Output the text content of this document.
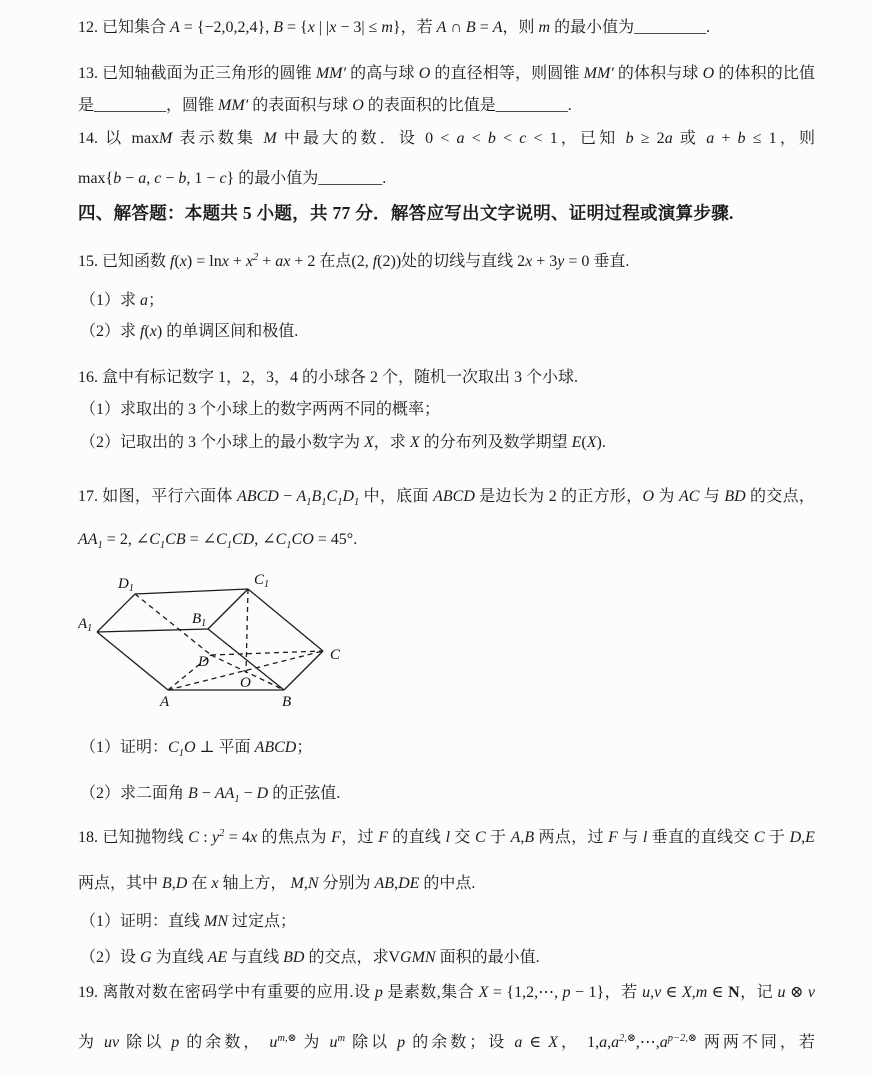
12. 已知集合 A = {−2,0,2,4}, B = {x | |x − 3| ≤ m}，若 A ∩ B = A，则 m 的最小值为_________.
13. 已知轴截面为正三角形的圆锥 MM′ 的高与球 O 的直径相等，则圆锥 MM′ 的体积与球 O 的体积的比值
是_________，圆锥 MM′ 的表面积与球 O 的表面积的比值是_________.
14. 以 maxM 表示数集 M 中最大的数．设 0 < a < b < c < 1，已知 b ≥ 2a 或 a + b ≤ 1，则
max{b − a, c − b, 1 − c} 的最小值为________.
四、解答题：本题共 5 小题，共 77 分．解答应写出文字说明、证明过程或演算步骤.
15. 已知函数 $f(x) = \ln x + x^2$ + ax + 2 在点(2, f(2))处的切线与直线 2x + 3y = 0 垂直.
（1）求 a；
（2）求 f(x) 的单调区间和极值.
16. 盒中有标记数字 1，2，3，4 的小球各 2 个，随机一次取出 3 个小球.
（1）求取出的 3 个小球上的数字两两不同的概率；
（2）记取出的 3 个小球上的最小数字为 X，求 X 的分布列及数学期望 E(X).
17. 如图，平行六面体 ABCD − $A_1B_1C_1D_1$ 中，底面 ABCD 是边长为 2 的正方形，O 为 AC 与 BD 的交点，
$AA_1 = 2$, $\angle C_1CB$ = $\angle C_1CD$, $\angle C_1CO = 45^\circ$.
$D_1$
$C_1$
$A_1$
$B_1$
D	C
O
A	B
（1）证明：$C_1O$ ⊥ 平面 ABCD；
（2）求二面角 $B - AA_1 - D$ 的正弦值.
18. 已知抛物线 C : $y^2 = 4x$ 的焦点为 F，过 F 的直线 l 交 C 于 A,B 两点，过 F 与 l 垂直的直线交 C 于 D,E
两点，其中 B,D 在 x 轴上方， M,N 分别为 AB,DE 的中点.
（1）证明：直线 MN 过定点；
（2）设 G 为直线 AE 与直线 BD 的交点，求VGMN 面积的最小值.
19. 离散对数在密码学中有重要的应用.设 p 是素数,集合 X = {1,2,⋯, p − 1}，若 u,v ∈ X,m ∈ N，记 u ⊗ v
为 uv 除以 p 的余数， $u^{m,\otimes}$ 为 $u^m$ 除以 p 的余数；设 a ∈ X， $1,a,a^{2,\otimes},\cdots,a^{p-2,\otimes}$ 两两不同，若
